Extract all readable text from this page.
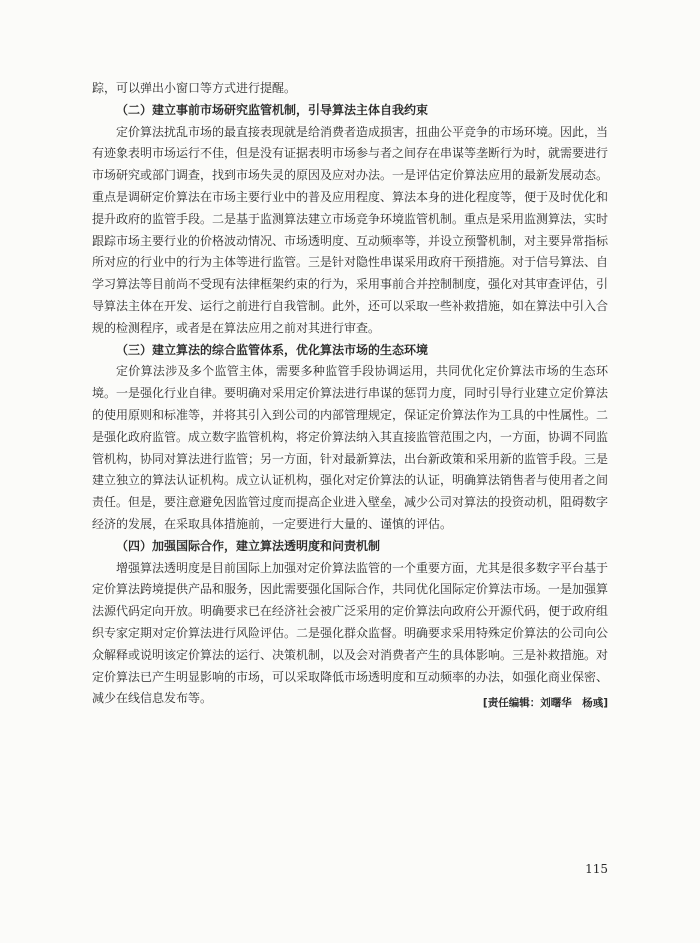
踪，可以弹出小窗口等方式进行提醒。

（二）建立事前市场研究监管机制，引导算法主体自我约束

定价算法扰乱市场的最直接表现就是给消费者造成损害，扭曲公平竞争的市场环境。因此，当有迹象表明市场运行不佳，但是没有证据表明市场参与者之间存在串谋等垄断行为时，就需要进行市场研究或部门调查，找到市场失灵的原因及应对办法。一是评估定价算法应用的最新发展动态。重点是调研定价算法在市场主要行业中的普及应用程度、算法本身的进化程度等，便于及时优化和提升政府的监管手段。二是基于监测算法建立市场竞争环境监管机制。重点是采用监测算法，实时跟踪市场主要行业的价格波动情况、市场透明度、互动频率等，并设立预警机制，对主要异常指标所对应的行业中的行为主体等进行监管。三是针对隐性串谋采用政府干预措施。对于信号算法、自学习算法等目前尚不受现有法律框架约束的行为，采用事前合并控制制度，强化对其审查评估，引导算法主体在开发、运行之前进行自我管制。此外，还可以采取一些补救措施，如在算法中引入合规的检测程序，或者是在算法应用之前对其进行审查。

（三）建立算法的综合监管体系，优化算法市场的生态环境

定价算法涉及多个监管主体，需要多种监管手段协调运用，共同优化定价算法市场的生态环境。一是强化行业自律。要明确对采用定价算法进行串谋的惩罚力度，同时引导行业建立定价算法的使用原则和标准等，并将其引入到公司的内部管理规定，保证定价算法作为工具的中性属性。二是强化政府监管。成立数字监管机构，将定价算法纳入其直接监管范围之内，一方面，协调不同监管机构，协同对算法进行监管；另一方面，针对最新算法，出台新政策和采用新的监管手段。三是建立独立的算法认证机构。成立认证机构，强化对定价算法的认证，明确算法销售者与使用者之间责任。但是，要注意避免因监管过度而提高企业进入壁垒，减少公司对算法的投资动机，阻碍数字经济的发展，在采取具体措施前，一定要进行大量的、谨慎的评估。

（四）加强国际合作，建立算法透明度和问责机制

增强算法透明度是目前国际上加强对定价算法监管的一个重要方面，尤其是很多数字平台基于定价算法跨境提供产品和服务，因此需要强化国际合作，共同优化国际定价算法市场。一是加强算法源代码定向开放。明确要求已在经济社会被广泛采用的定价算法向政府公开源代码，便于政府组织专家定期对定价算法进行风险评估。二是强化群众监督。明确要求采用特殊定价算法的公司向公众解释或说明该定价算法的运行、决策机制，以及会对消费者产生的具体影响。三是补救措施。对定价算法已产生明显影响的市场，可以采取降低市场透明度和互动频率的办法，如强化商业保密、减少在线信息发布等。	[责任编辑：刘曙华　杨彧]
115
